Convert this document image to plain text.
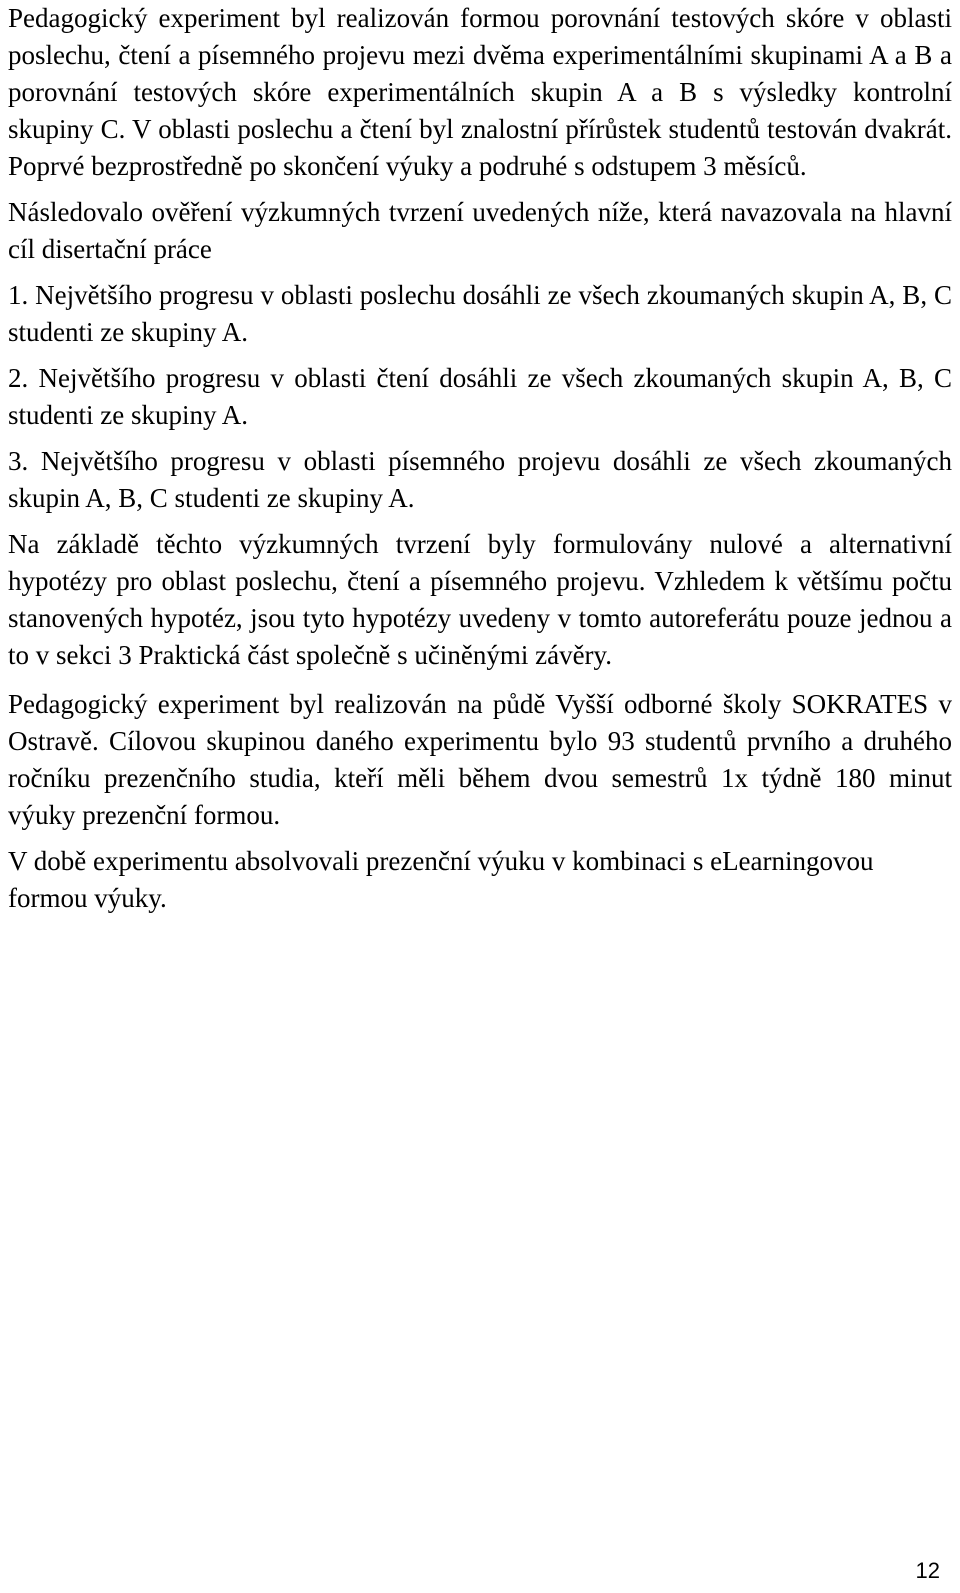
Pedagogický experiment byl realizován formou porovnání testových skóre v oblasti poslechu, čtení a písemného projevu mezi dvěma experimentálními skupinami A a B a porovnání testových skóre experimentálních skupin A a B s výsledky kontrolní skupiny C. V oblasti poslechu a čtení byl znalostní přírůstek studentů testován dvakrát. Poprvé bezprostředně po skončení výuky a podruhé s odstupem 3 měsíců.

Následovalo ověření výzkumných tvrzení uvedených níže, která navazovala na hlavní cíl disertační práce

1. Největšího progresu v oblasti poslechu dosáhli ze všech zkoumaných skupin A, B, C studenti ze skupiny A.

2. Největšího progresu v oblasti čtení dosáhli ze všech zkoumaných skupin A, B, C studenti ze skupiny A.

3. Největšího progresu v oblasti písemného projevu dosáhli ze všech zkoumaných skupin A, B, C studenti ze skupiny A.

Na základě těchto výzkumných tvrzení byly formulovány nulové a alternativní hypotézy pro oblast poslechu, čtení a písemného projevu. Vzhledem k většímu počtu stanovených hypotéz, jsou tyto hypotézy uvedeny v tomto autoreferátu pouze jednou a to v sekci 3 Praktická část společně s učiněnými závěry.

Pedagogický experiment byl realizován na půdě Vyšší odborné školy SOKRATES v Ostravě. Cílovou skupinou daného experimentu bylo 93 studentů prvního a druhého ročníku prezenčního studia, kteří měli během dvou semestrů 1x týdně 180 minut výuky prezenční formou.

V době experimentu absolvovali prezenční výuku v kombinaci s eLearningovou formou výuky.

12
